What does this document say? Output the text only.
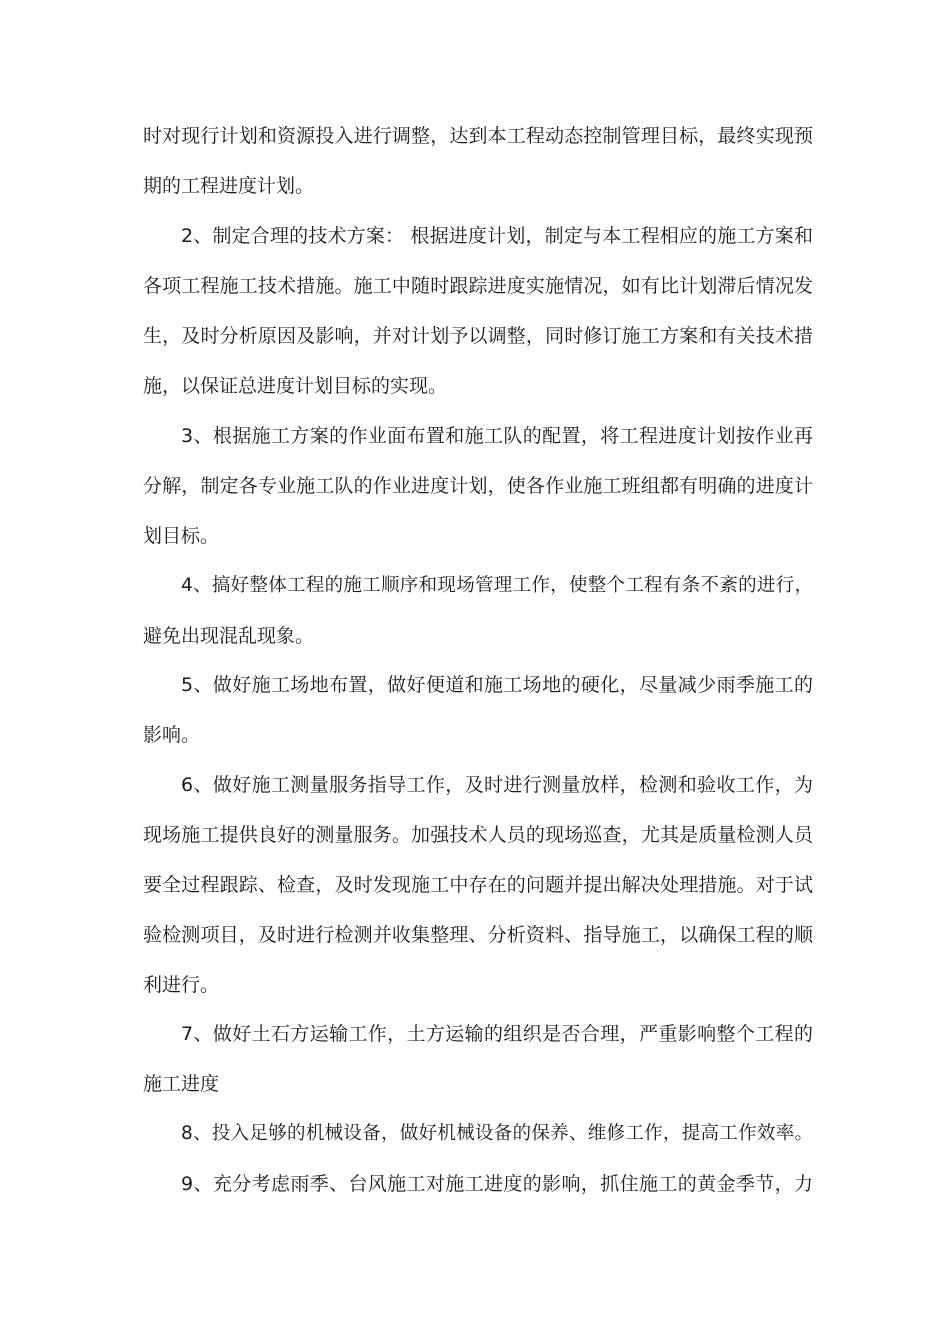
时对现行计划和资源投入进行调整，达到本工程动态控制管理目标，最终实现预
期的工程进度计划。
2、制定合理的技术方案： 根据进度计划，制定与本工程相应的施工方案和
各项工程施工技术措施。施工中随时跟踪进度实施情况，如有比计划滞后情况发
生，及时分析原因及影响，并对计划予以调整，同时修订施工方案和有关技术措
施，以保证总进度计划目标的实现。
3、根据施工方案的作业面布置和施工队的配置，将工程进度计划按作业再
分解，制定各专业施工队的作业进度计划，使各作业施工班组都有明确的进度计
划目标。
4、搞好整体工程的施工顺序和现场管理工作，使整个工程有条不紊的进行，
避免出现混乱现象。
5、做好施工场地布置，做好便道和施工场地的硬化，尽量减少雨季施工的
影响。
6、做好施工测量服务指导工作，及时进行测量放样，检测和验收工作，为
现场施工提供良好的测量服务。加强技术人员的现场巡查，尤其是质量检测人员
要全过程跟踪、检查，及时发现施工中存在的问题并提出解决处理措施。对于试
验检测项目，及时进行检测并收集整理、分析资料、指导施工，以确保工程的顺
利进行。
7、做好土石方运输工作，土方运输的组织是否合理，严重影响整个工程的
施工进度
8、投入足够的机械设备，做好机械设备的保养、维修工作，提高工作效率。
9、充分考虑雨季、台风施工对施工进度的影响，抓住施工的黄金季节，力
